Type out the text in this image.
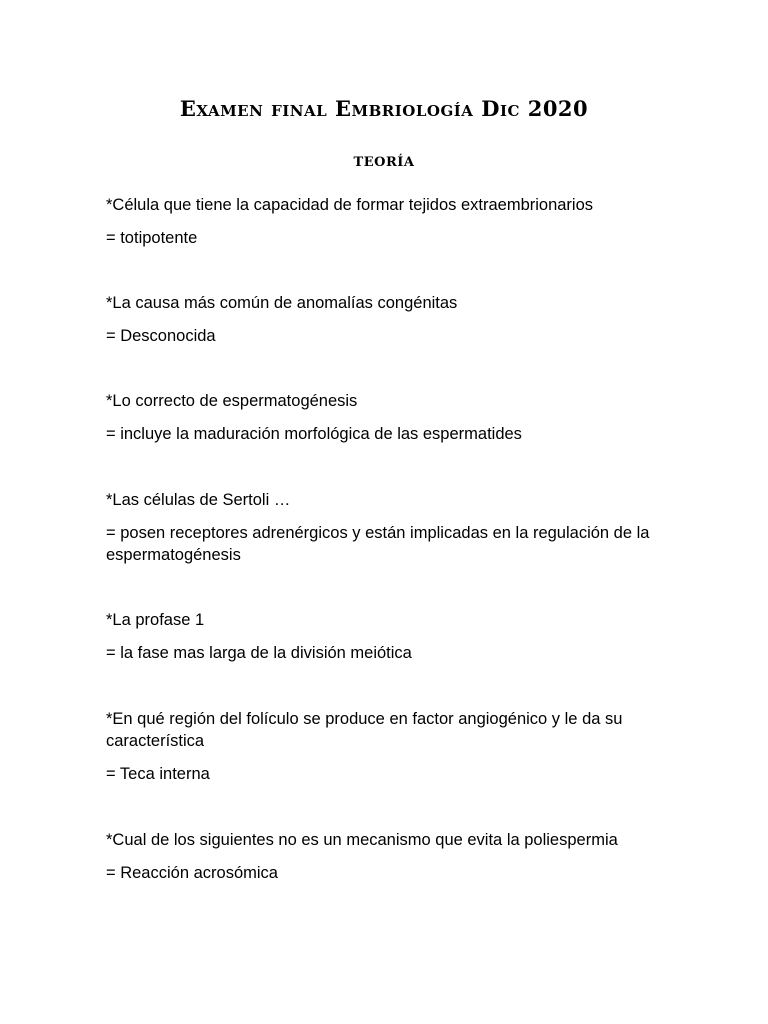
Examen final Embriología Dic 2020
teoría

*Célula que tiene la capacidad de formar tejidos extraembrionarios

= totipotente

*La causa más común de anomalías congénitas

= Desconocida

*Lo correcto de espermatogénesis

= incluye la maduración morfológica de las espermatides

*Las células de Sertoli …

= posen receptores adrenérgicos y están implicadas en la regulación de la espermatogénesis

*La profase 1

= la fase mas larga de la división meiótica

*En qué región del folículo se produce en factor angiogénico y le da su característica

= Teca interna

*Cual de los siguientes no es un mecanismo que evita la poliespermia

= Reacción acrosómica
